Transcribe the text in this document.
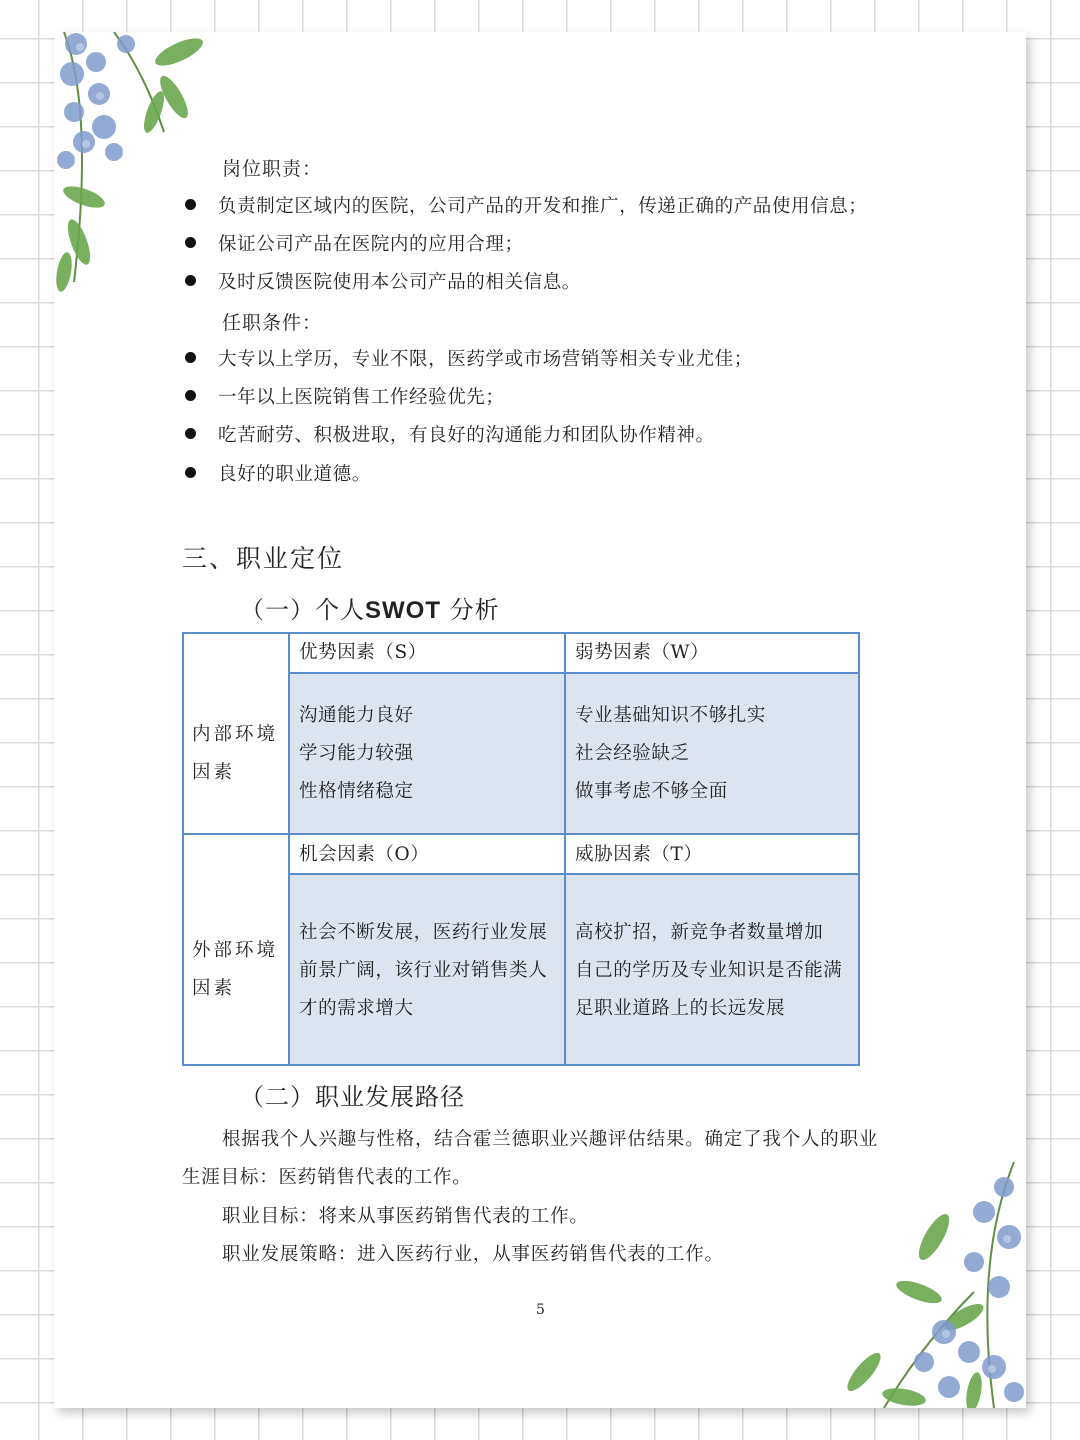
岗位职责：
负责制定区域内的医院，公司产品的开发和推广，传递正确的产品使用信息；
保证公司产品在医院内的应用合理；
及时反馈医院使用本公司产品的相关信息。
任职条件：
大专以上学历，专业不限，医药学或市场营销等相关专业尤佳；
一年以上医院销售工作经验优先；
吃苦耐劳、积极进取，有良好的沟通能力和团队协作精神。
良好的职业道德。
三、职业定位
（一）个人SWOT 分析
内部环境
因素
外部环境
因素
优势因素（S）	弱势因素（W）
机会因素（O）	威胁因素（T）
沟通能力良好
学习能力较强
性格情绪稳定
专业基础知识不够扎实
社会经验缺乏
做事考虑不够全面
社会不断发展，医药行业发展
前景广阔，该行业对销售类人
才的需求增大
高校扩招，新竞争者数量增加
自己的学历及专业知识是否能满
足职业道路上的长远发展
（二）职业发展路径
根据我个人兴趣与性格，结合霍兰德职业兴趣评估结果。确定了我个人的职业
生涯目标：医药销售代表的工作。
职业目标：将来从事医药销售代表的工作。
职业发展策略：进入医药行业，从事医药销售代表的工作。
5
